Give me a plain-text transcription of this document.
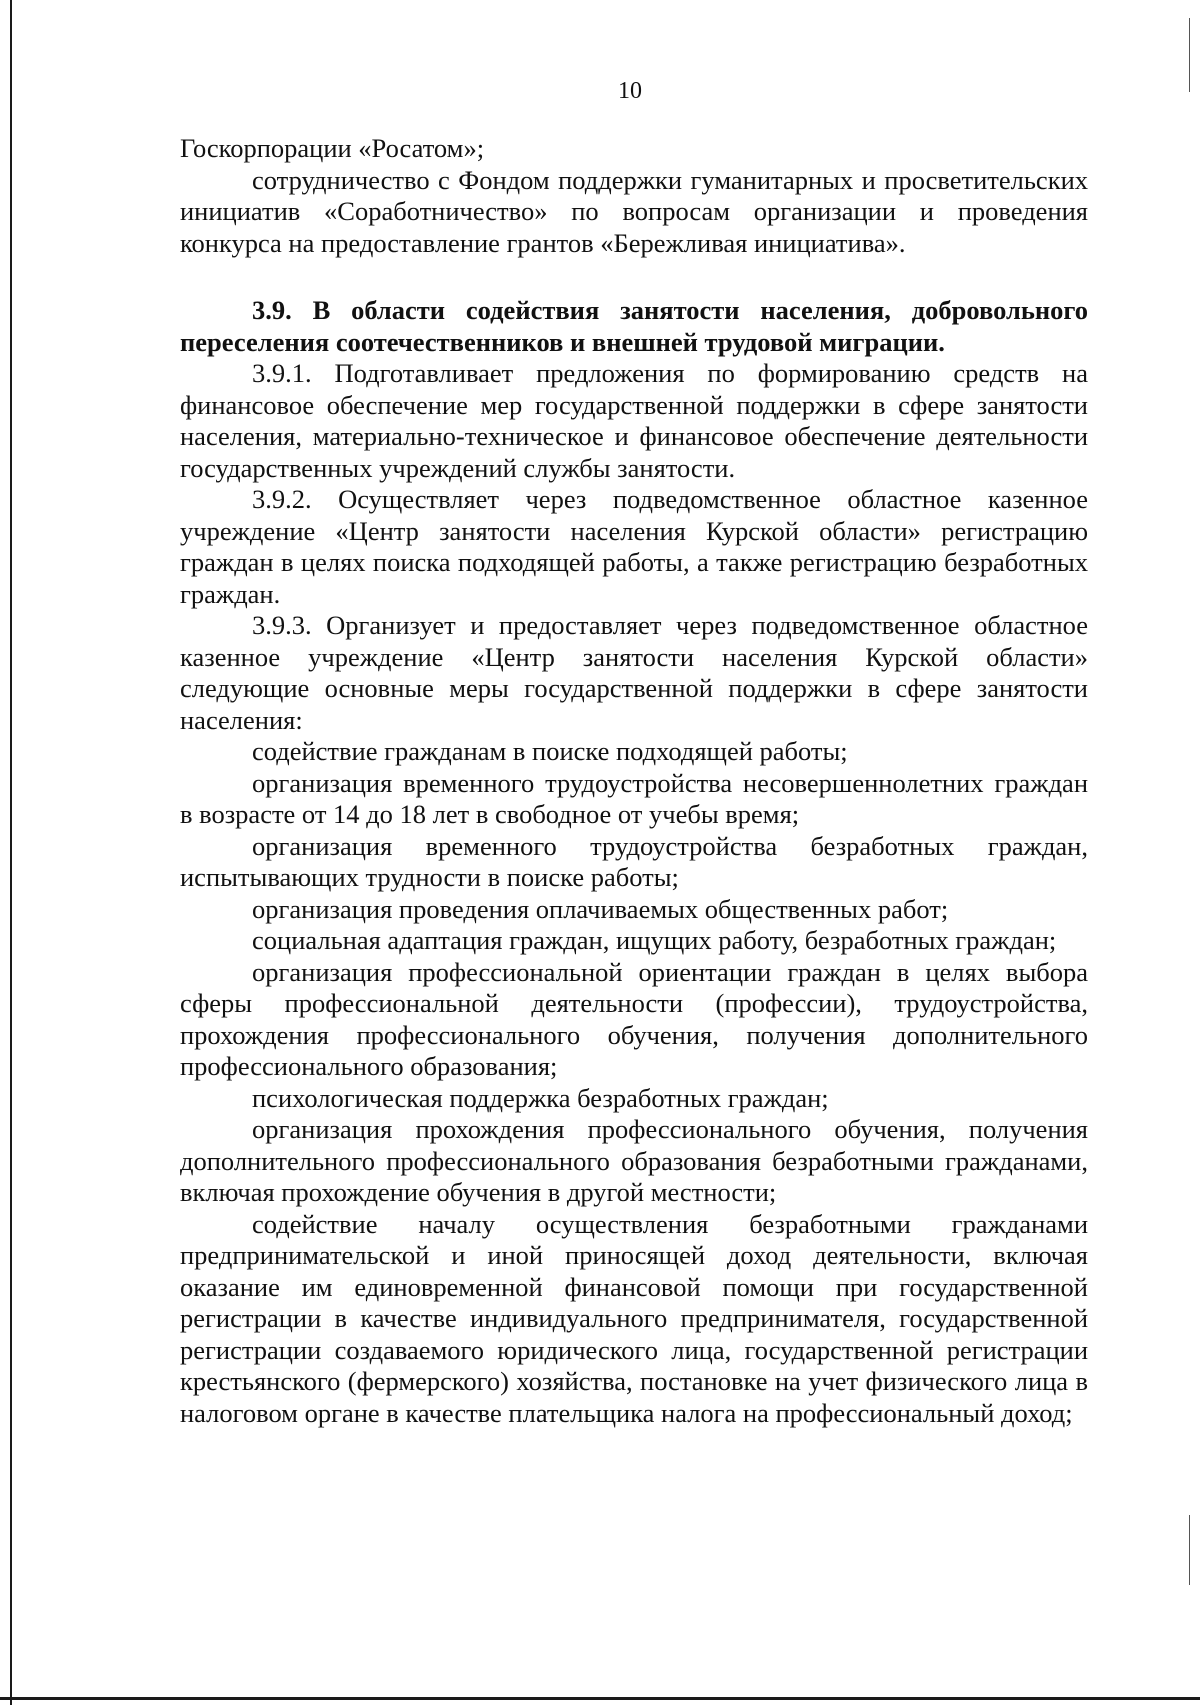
10

Госкорпорации «Росатом»;

сотрудничество с Фондом поддержки гуманитарных и просветительских инициатив «Соработничество» по вопросам организации и проведения конкурса на предоставление грантов «Бережливая инициатива».

3.9. В области содействия занятости населения, добровольного переселения соотечественников и внешней трудовой миграции.

3.9.1. Подготавливает предложения по формированию средств на финансовое обеспечение мер государственной поддержки в сфере занятости населения, материально-техническое и финансовое обеспечение деятельности государственных учреждений службы занятости.

3.9.2. Осуществляет через подведомственное областное казенное учреждение «Центр занятости населения Курской области» регистрацию граждан в целях поиска подходящей работы, а также регистрацию безработных граждан.

3.9.3. Организует и предоставляет через подведомственное областное казенное учреждение «Центр занятости населения Курской области» следующие основные меры государственной поддержки в сфере занятости населения:

содействие гражданам в поиске подходящей работы;

организация временного трудоустройства несовершеннолетних граждан в возрасте от 14 до 18 лет в свободное от учебы время;

организация временного трудоустройства безработных граждан, испытывающих трудности в поиске работы;

организация проведения оплачиваемых общественных работ;

социальная адаптация граждан, ищущих работу, безработных граждан;

организация профессиональной ориентации граждан в целях выбора сферы профессиональной деятельности (профессии), трудоустройства, прохождения профессионального обучения, получения дополнительного профессионального образования;

психологическая поддержка безработных граждан;

организация прохождения профессионального обучения, получения дополнительного профессионального образования безработными гражданами, включая прохождение обучения в другой местности;

содействие началу осуществления безработными гражданами предпринимательской и иной приносящей доход деятельности, включая оказание им единовременной финансовой помощи при государственной регистрации в качестве индивидуального предпринимателя, государственной регистрации создаваемого юридического лица, государственной регистрации крестьянского (фермерского) хозяйства, постановке на учет физического лица в налоговом органе в качестве плательщика налога на профессиональный доход;
